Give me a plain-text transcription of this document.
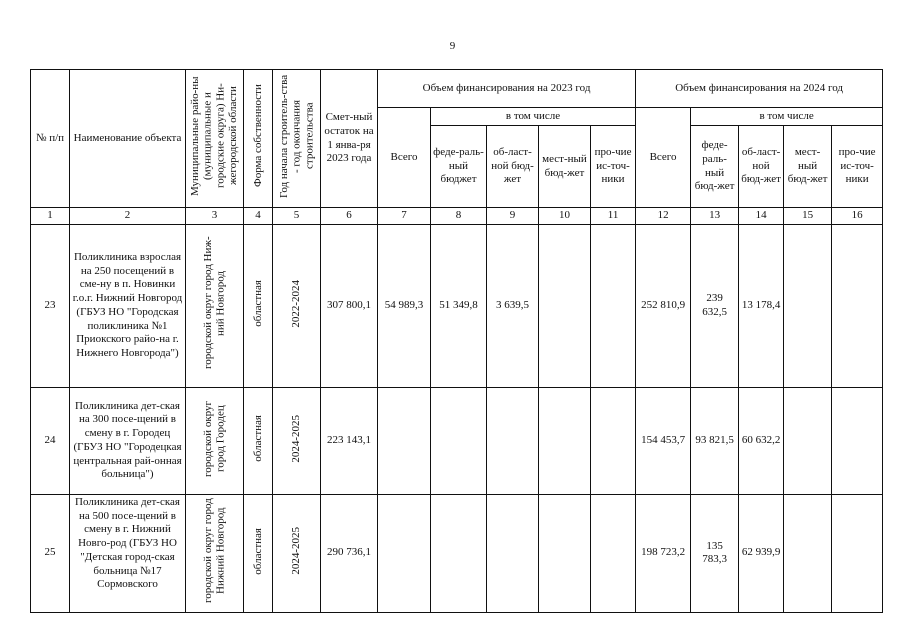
9
№ п/п	Наименование объекта	Муниципальные райо-ны (муниципальные и городские округа) Ни-жегородской области	Форма собственности	Год начала строитель-ства - год окончания строительства	Смет-ный остаток на 1 янва-ря 2023 года	Объем финансирования на 2023 год					Объем финансирования на 2024 год				
						Всего	в том числе				Всего	в том числе			
							феде-раль-ный бюджет	об-ласт-ной бюд-жет	мест-ный бюд-жет	про-чие ис-точ-ники		феде-раль-ный бюд-жет	об-ласт-ной бюд-жет	мест-ный бюд-жет	про-чие ис-точ-ники
1	2	3	4	5	6	7	8	9	10	11	12	13	14	15	16
23	Поликлиника взрослая на 250 посещений в сме-ну в п. Новинки г.о.г. Нижний Новгород (ГБУЗ НО "Городская поликлиника №1 Приокского райо-на г. Нижнего Новгорода")	городской округ город Ниж-ний Новгород	областная	2022-2024	307 800,1	54 989,3	51 349,8	3 639,5			252 810,9	239 632,5	13 178,4		
24	Поликлиника дет-ская на 300 посе-щений в смену в г. Городец (ГБУЗ НО "Городецкая центральная рай-онная больница")	городской округ город Городец	областная	2024-2025	223 143,1						154 453,7	93 821,5	60 632,2		
25	Поликлиника дет-ская на 500 посе-щений в смену в г. Нижний Новго-род (ГБУЗ НО "Детская город-ская больница №17 Сормовского	городской округ город Нижний Новгород	областная	2024-2025	290 736,1						198 723,2	135 783,3	62 939,9		
